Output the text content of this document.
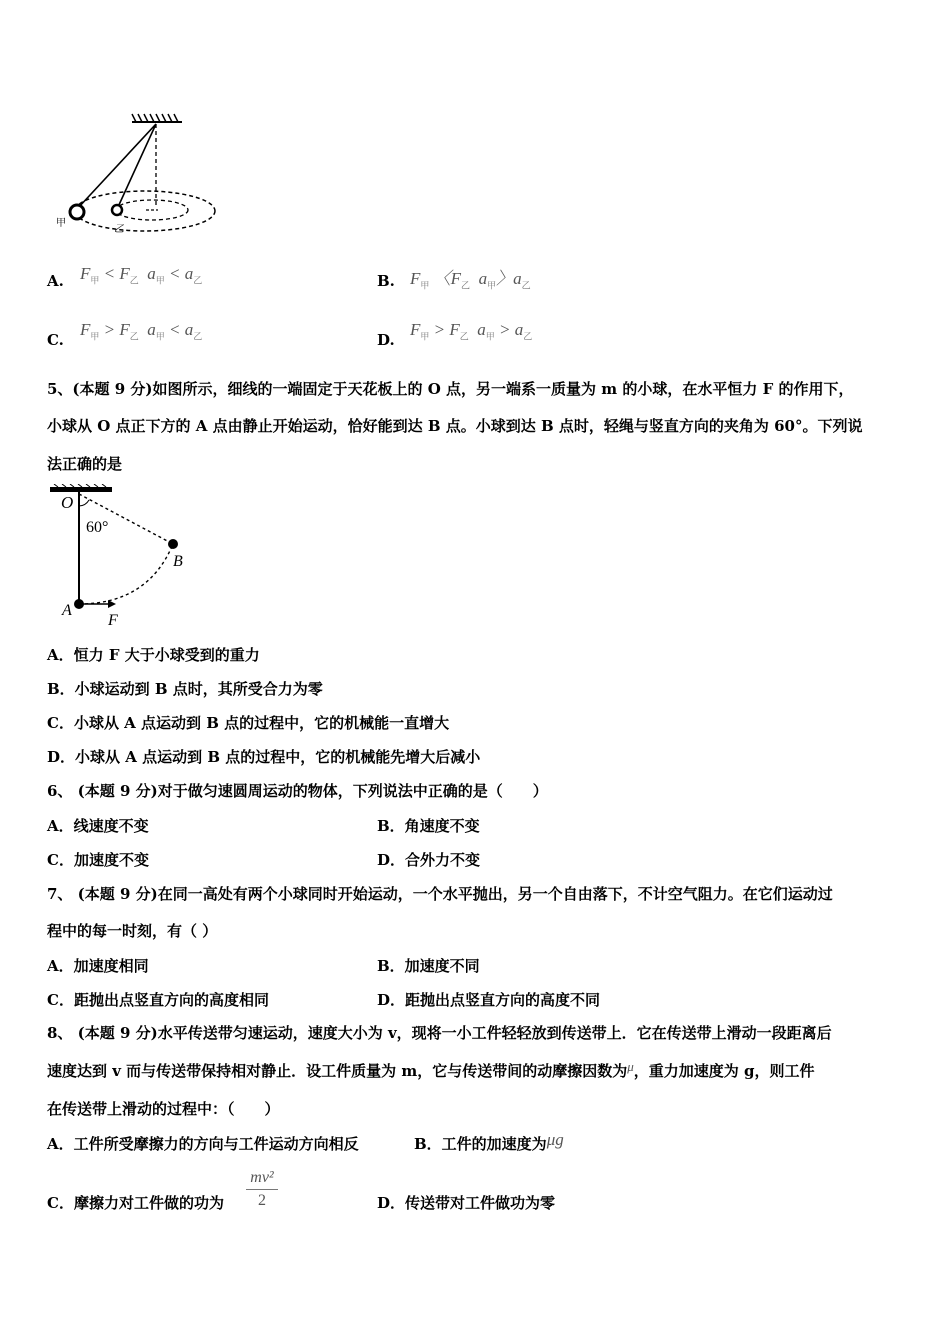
甲
乙
A. $F_甲 < F_乙$  $a_甲 < a_乙$	B. $F_甲$ 〈$F_乙$  $a_甲$〉$a_乙$
C.
$F_甲 > F_乙$  $a_甲 < a_乙$	D.
$F_甲 > F_乙$  $a_甲 > a_乙$
5、(本题 9 分)如图所示，细线的一端固定于天花板上的 O 点，另一端系一质量为 m 的小球，在水平恒力 F 的作用下，
小球从 O 点正下方的 A 点由静止开始运动，恰好能到达 B 点。小球到达 B 点时，轻绳与竖直方向的夹角为 60°。下列说
法正确的是
O
60°
B
A
F
A．恒力 F 大于小球受到的重力
B．小球运动到 B 点时，其所受合力为零
C．小球从 A 点运动到 B 点的过程中，它的机械能一直增大
D．小球从 A 点运动到 B 点的过程中，它的机械能先增大后减小
6、 (本题 9 分)对于做匀速圆周运动的物体，下列说法中正确的是（　　）
A．线速度不变	B．角速度不变
C．加速度不变	D．合外力不变
7、 (本题 9 分)在同一高处有两个小球同时开始运动，一个水平抛出，另一个自由落下，不计空气阻力。在它们运动过
程中的每一时刻，有（ ）
A．加速度相同	B．加速度不同
C．距抛出点竖直方向的高度相同	D．距抛出点竖直方向的高度不同
8、 (本题 9 分)水平传送带匀速运动，速度大小为 v，现将一小工件轻轻放到传送带上．它在传送带上滑动一段距离后
速度达到 v 而与传送带保持相对静止．设工件质量为 m，它与传送带间的动摩擦因数为μ，重力加速度为 g，则工件
在传送带上滑动的过程中：（　　）
A．工件所受摩擦力的方向与工件运动方向相反	B．工件的加速度为μg
C．摩擦力对工件做的功为
mv²
2	D．传送带对工件做功为零
